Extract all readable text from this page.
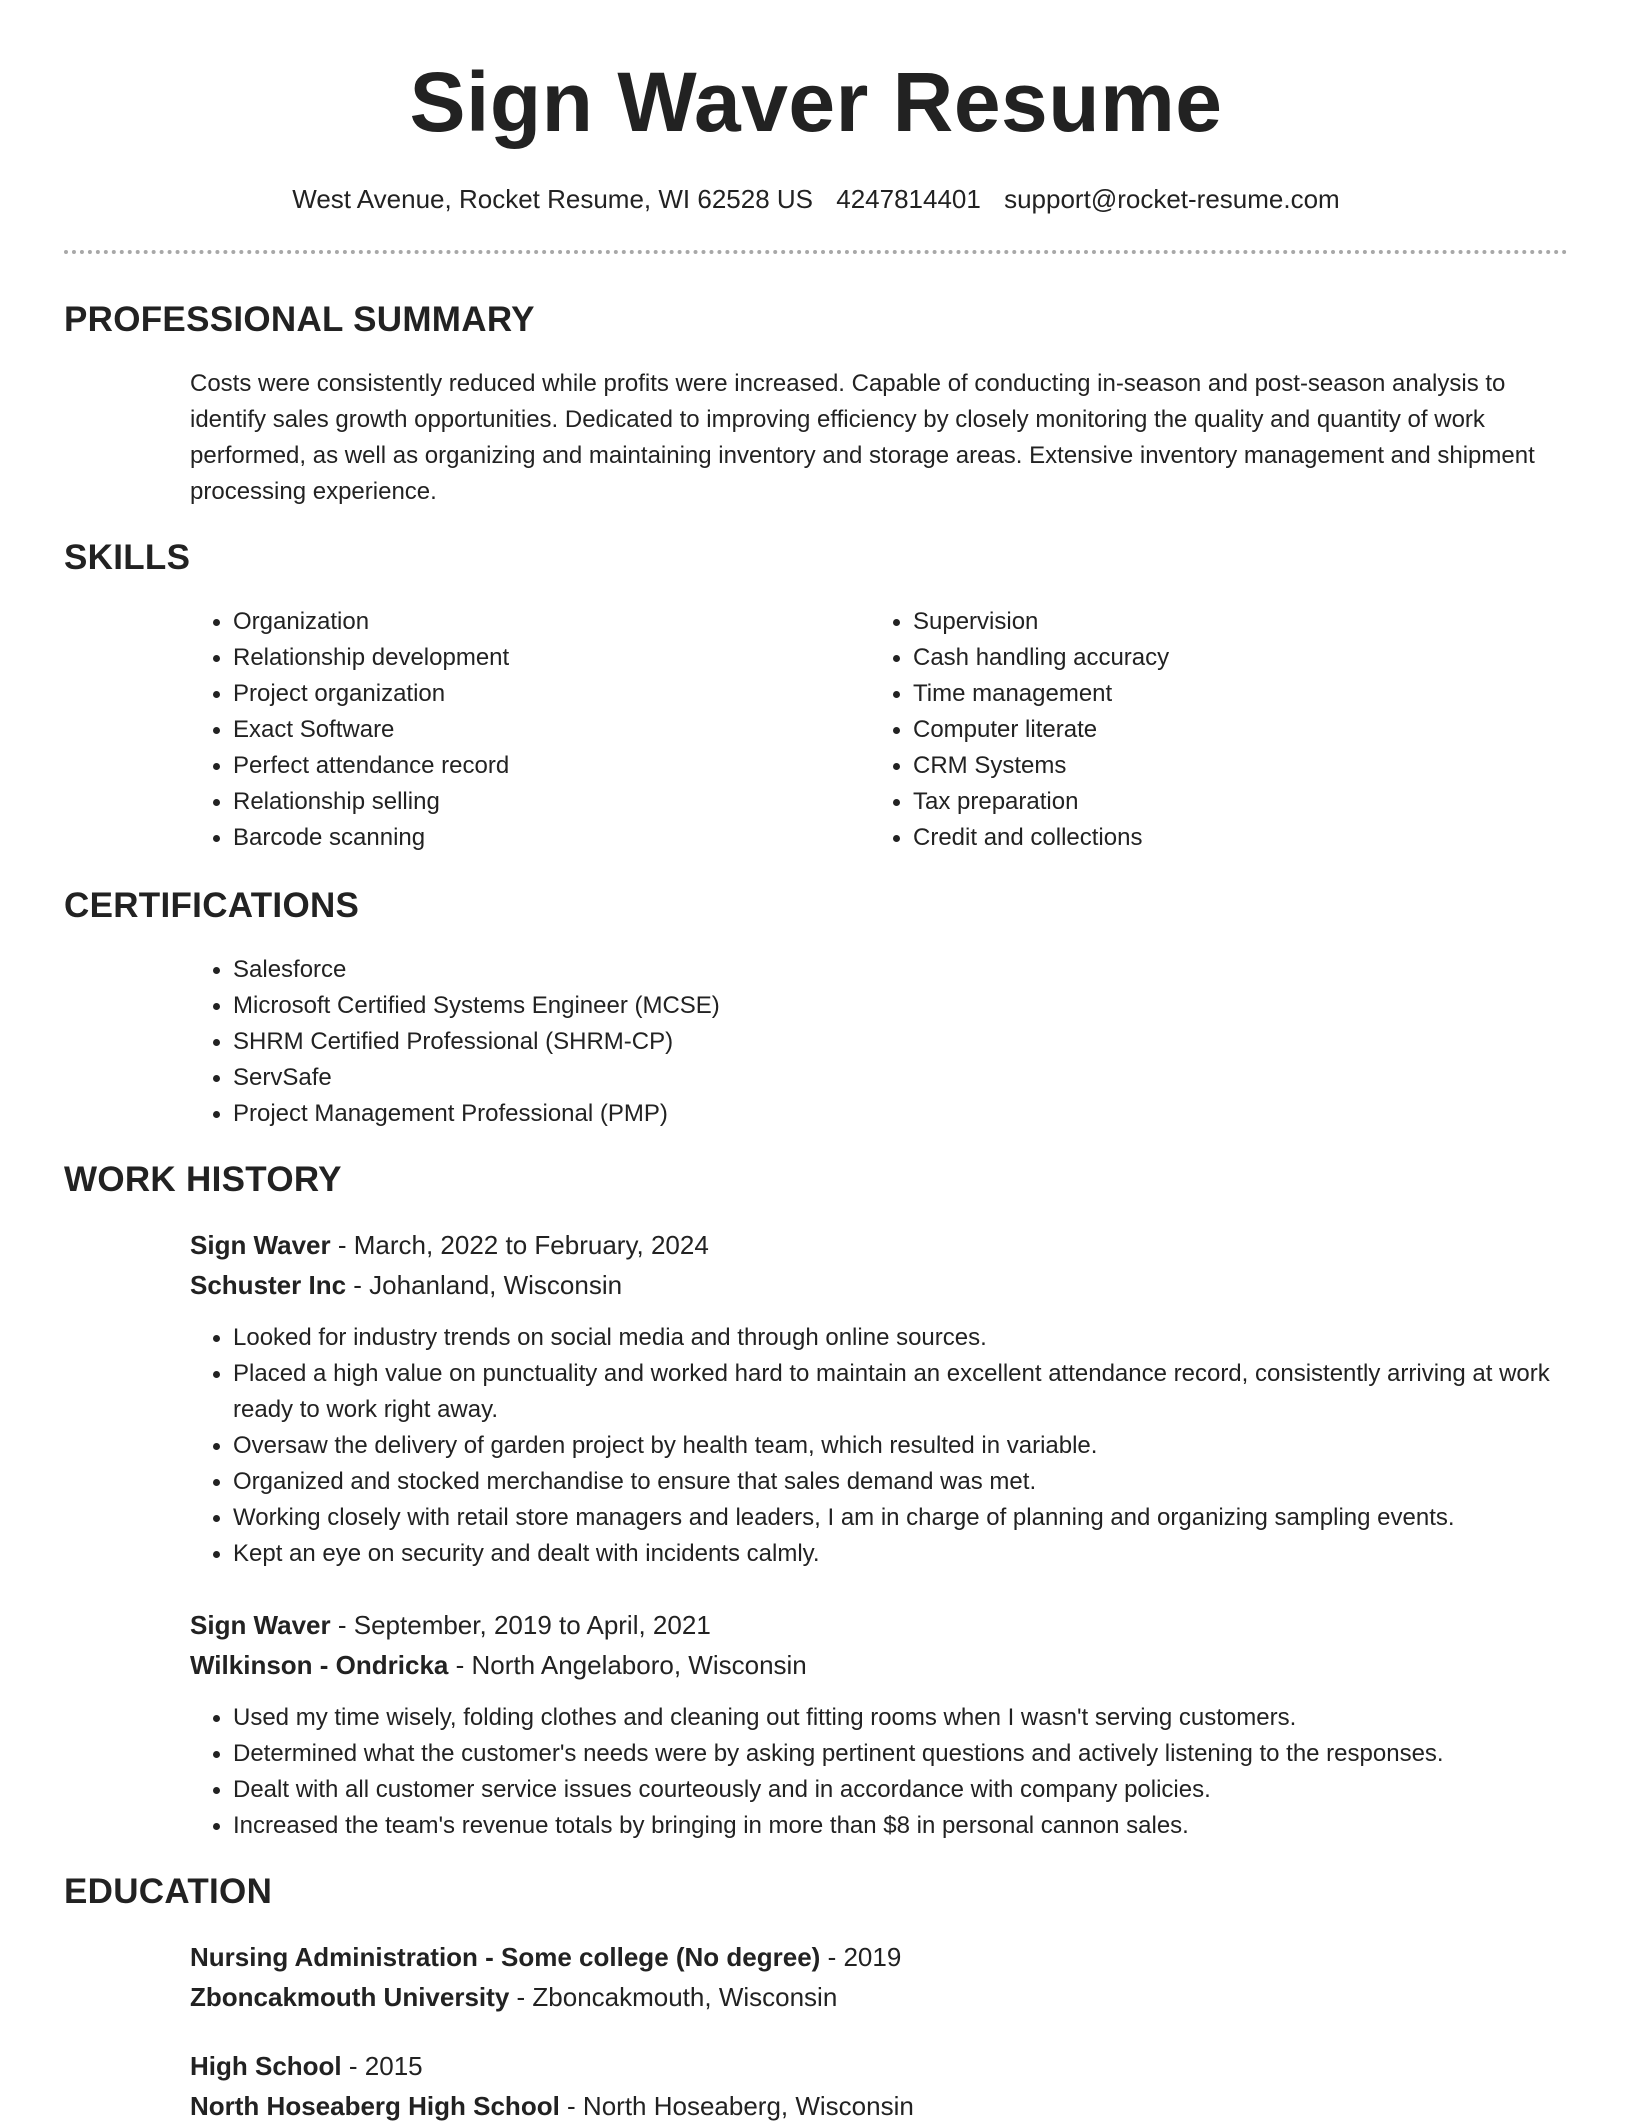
Sign Waver Resume
West Avenue, Rocket Resume, WI 62528 US 4247814401 support@rocket-resume.com
PROFESSIONAL SUMMARY

Costs were consistently reduced while profits were increased. Capable of conducting in-season and post-season analysis to identify sales growth opportunities. Dedicated to improving efficiency by closely monitoring the quality and quantity of work performed, as well as organizing and maintaining inventory and storage areas. Extensive inventory management and shipment processing experience.

SKILLS
• Organization
• Relationship development
• Project organization
• Exact Software
• Perfect attendance record
• Relationship selling
• Barcode scanning
• Supervision
• Cash handling accuracy
• Time management
• Computer literate
• CRM Systems
• Tax preparation
• Credit and collections
CERTIFICATIONS
• Salesforce
• Microsoft Certified Systems Engineer (MCSE)
• SHRM Certified Professional (SHRM-CP)
• ServSafe
• Project Management Professional (PMP)
WORK HISTORY
Sign Waver - March, 2022 to February, 2024
Schuster Inc - Johanland, Wisconsin
• Looked for industry trends on social media and through online sources.
• Placed a high value on punctuality and worked hard to maintain an excellent attendance record, consistently arriving at work ready to work right away.
• Oversaw the delivery of garden project by health team, which resulted in variable.
• Organized and stocked merchandise to ensure that sales demand was met.
• Working closely with retail store managers and leaders, I am in charge of planning and organizing sampling events.
• Kept an eye on security and dealt with incidents calmly.
Sign Waver - September, 2019 to April, 2021
Wilkinson - Ondricka - North Angelaboro, Wisconsin
• Used my time wisely, folding clothes and cleaning out fitting rooms when I wasn't serving customers.
• Determined what the customer's needs were by asking pertinent questions and actively listening to the responses.
• Dealt with all customer service issues courteously and in accordance with company policies.
• Increased the team's revenue totals by bringing in more than $8 in personal cannon sales.
EDUCATION
Nursing Administration - Some college (No degree) - 2019
Zboncakmouth University - Zboncakmouth, Wisconsin
High School - 2015
North Hoseaberg High School - North Hoseaberg, Wisconsin
